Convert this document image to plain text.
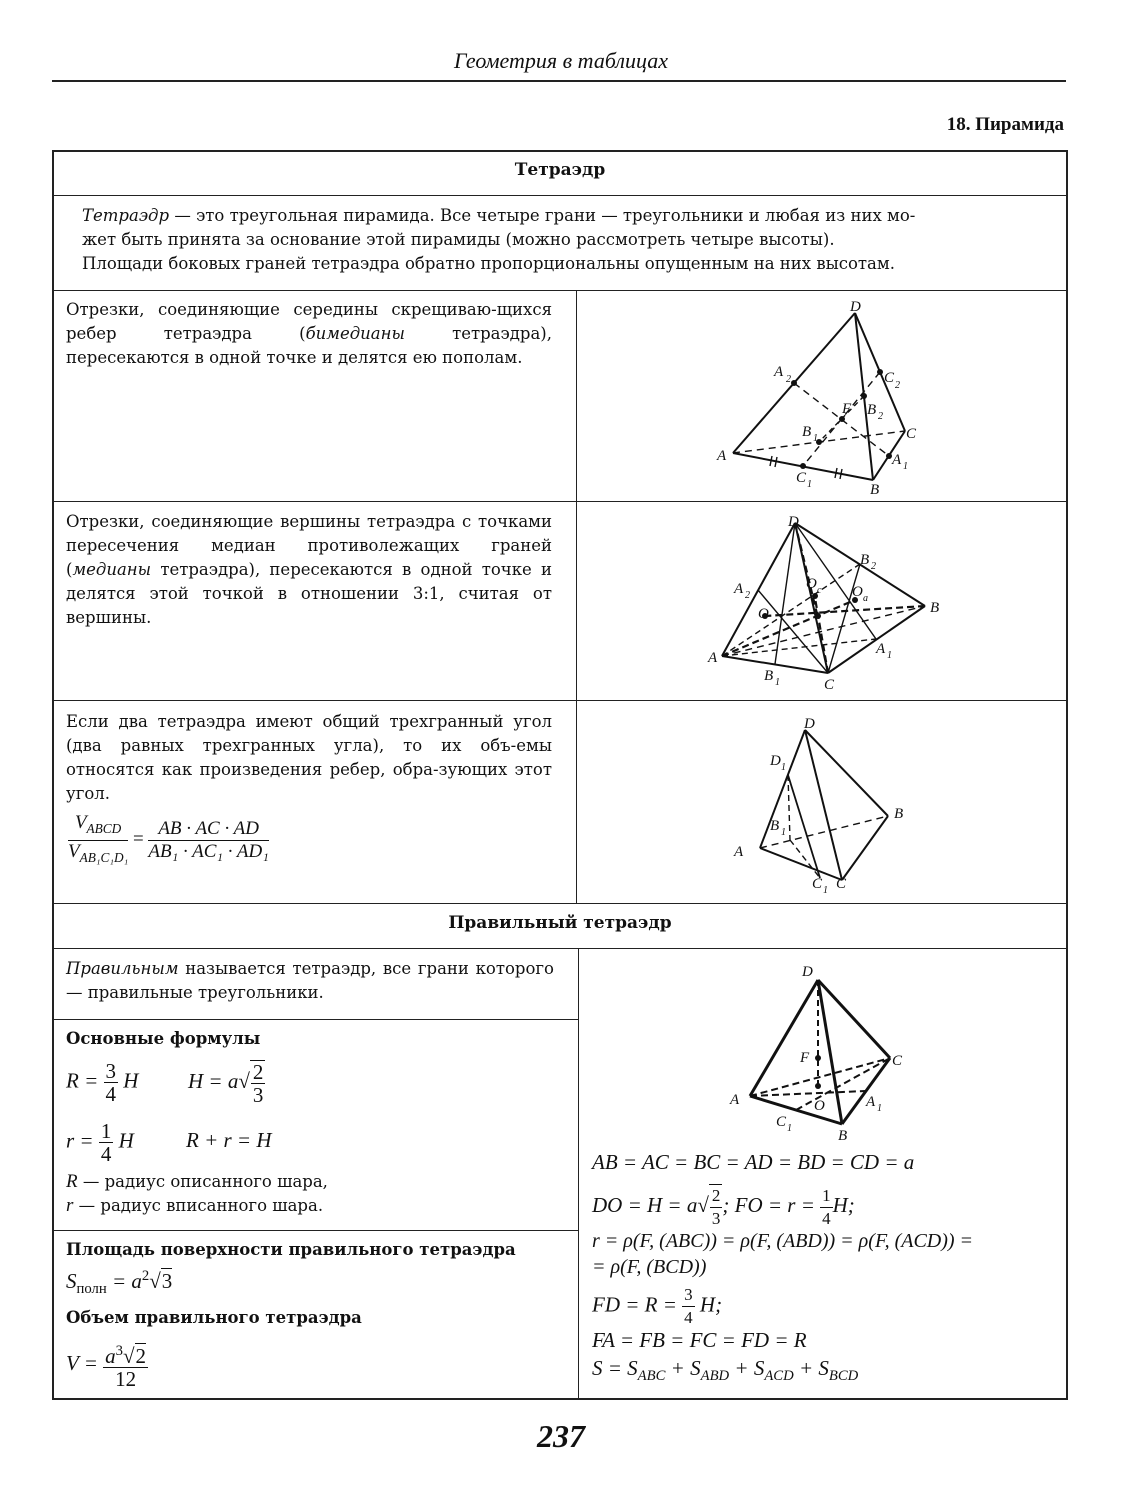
Геометрия в таблицах
18. Пирамида
Тетраэдр
Тетраэдр — это треугольная пирамида. Все четыре грани — треугольники и любая из них мо-
жет быть принята за основание этой пирамиды (можно рассмотреть четыре высоты).
Площади боковых граней тетраэдра обратно пропорциональны опущенным на них высотам.
Отрезки, соединяющие середины скрещиваю-щихся ребер тетраэдра (бимедианы тетраэдра), пересекаются в одной точке и делятся ею пополам.
D
A 2	C 2
F B 2
B 1	C
A	A 1
C 1	B
Отрезки, соединяющие вершины тетраэдра с точками пересечения медиан противолежащих граней (медианы тетраэдра), пересекаются в одной точке и делятся этой точкой в отношении 3:1, считая от вершины.
D
B 2
A 2
O c
O
O a
B
A
A 1
B 1	C
Если два тетраэдра имеют общий трехгранный угол (два равных трехгранных угла), то их объ-емы относятся как произведения ребер, обра-зующих этот угол.
$\frac{V_{ABCD}}{V_{AB_1C_1D_1}} = \frac{AB \cdot AC \cdot AD}{\text{AB₁ · AC₁ · AD₁}}$
D
D 1
B
B 1
A
C 1 C
Правильный тетраэдр
Правильным называется тетраэдр, все грани которого — правильные треугольники.
Основные формулы
$R = \frac{3}{4}$ H $H = a√ \frac{2}{3}$
$r = \frac{1}{4}$ H R + r = H
R — радиус описанного шара,
r — радиус вписанного шара.
Площадь поверхности правильного тетраэдра
$S_{полн} = a^2√3$
Объем правильного тетраэдра
$V = \frac{a^3√2}{12}$
D
F	C
A	O	A 1
C 1	B
AB = AC = BC = AD = BD = CD = a
DO = $H = a√ \frac{2}{3}$ ; FO = $r = \frac{1}{4} H$;
r = ρ(F, (ABC)) = ρ(F, (ABD)) = ρ(F, (ACD)) =
= ρ(F, (BCD))
FD = $R = \frac{3}{4} H$;
FA = FB = FC = FD = R
$S = S_{ABC} + S_{ABD} + S_{ACD} + S_{BCD}$
237
